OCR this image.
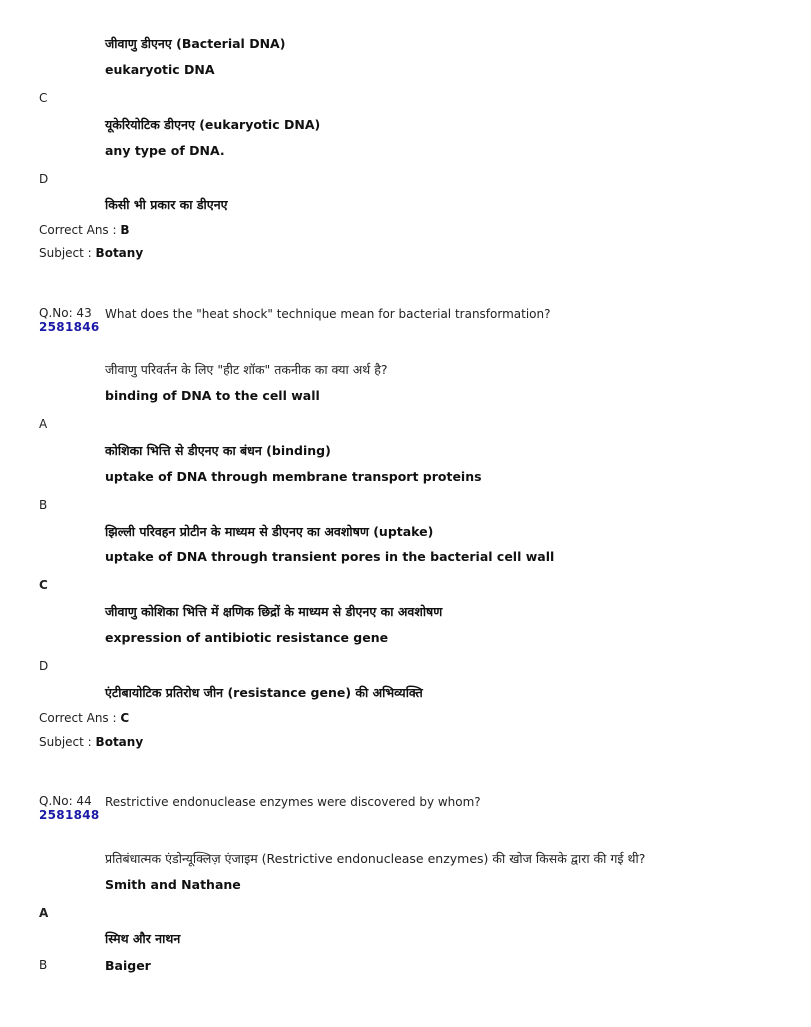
जीवाणु डीएनए (Bacterial DNA)
eukaryotic DNA
C
यूकेरियोटिक डीएनए (eukaryotic DNA)
any type of DNA.
D
किसी भी प्रकार का डीएनए
Correct Ans : B
Subject : Botany
Q.No: 43
2581846
What does the "heat shock" technique mean for bacterial transformation?
जीवाणु परिवर्तन के लिए "हीट शॉक" तकनीक का क्या अर्थ है?
binding of DNA to the cell wall
A
कोशिका भित्ति से डीएनए का बंधन (binding)
uptake of DNA through membrane transport proteins
B
झिल्ली परिवहन प्रोटीन के माध्यम से डीएनए का अवशोषण (uptake)
uptake of DNA through transient pores in the bacterial cell wall
C
जीवाणु कोशिका भित्ति में क्षणिक छिद्रों के माध्यम से डीएनए का अवशोषण
expression of antibiotic resistance gene
D
एंटीबायोटिक प्रतिरोध जीन (resistance gene) की अभिव्यक्ति
Correct Ans : C
Subject : Botany
Q.No: 44
2581848
Restrictive endonuclease enzymes were discovered by whom?
प्रतिबंधात्मक एंडोन्यूक्लिज़ एंजाइम (Restrictive endonuclease enzymes) की खोज किसके द्वारा की गई थी?
Smith and Nathane
A
स्मिथ और नाथन
B	Baiger
